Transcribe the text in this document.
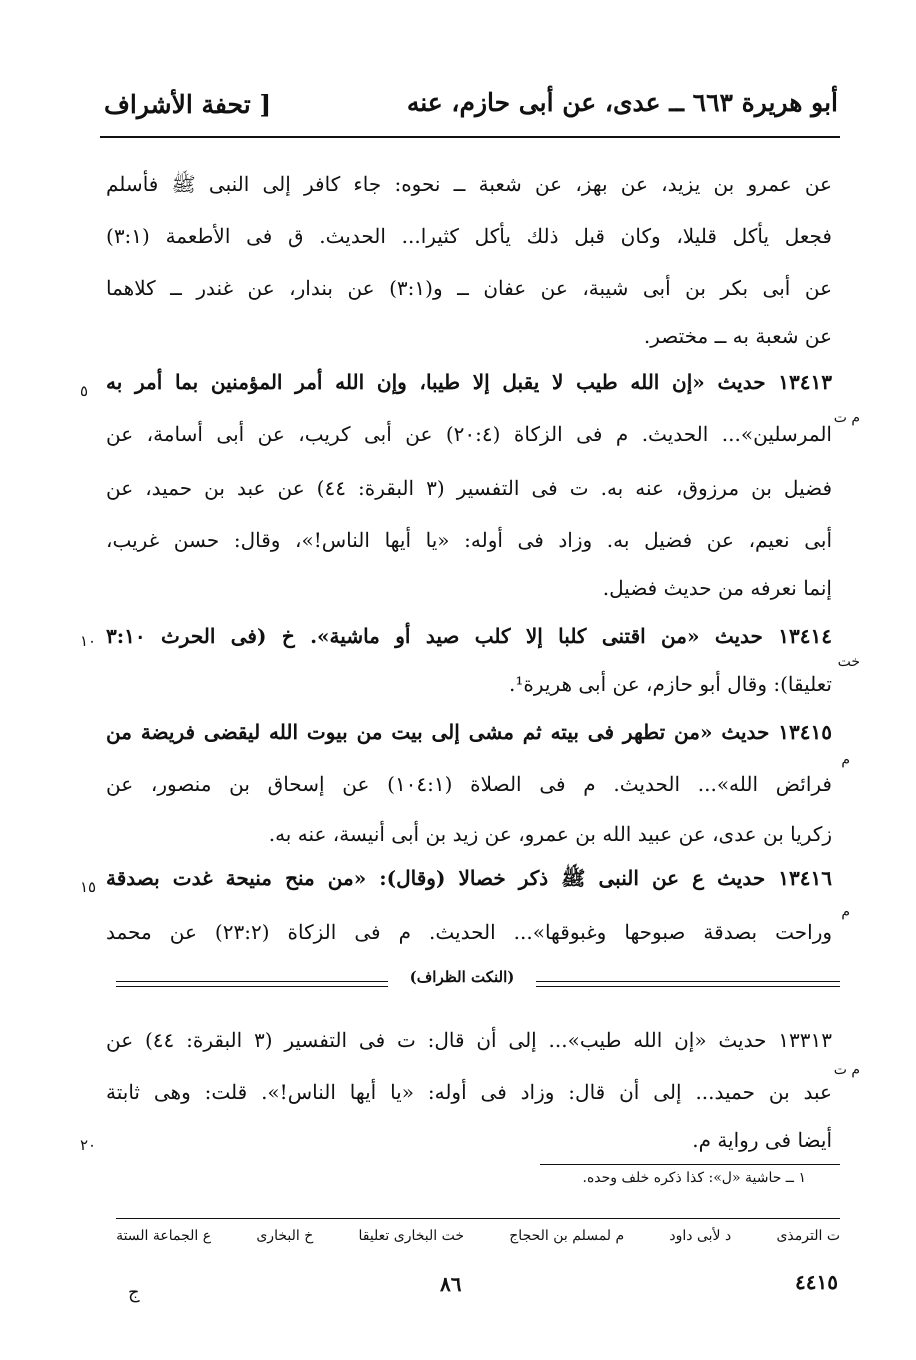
أبو هريرة ٦٦٣ ــ عدى، عن أبى حازم، عنه
[ تحفة الأشراف
عن عمرو بن يزيد، عن بهز، عن شعبة ــ نحوه: جاء كافر إلى النبى ﷺ فأسلم
فجعل يأكل قليلا، وكان قبل ذلك يأكل كثيرا... الحديث. ق فى الأطعمة (٣:١)
عن أبى بكر بن أبى شيبة، عن عفان ــ و(٣:١) عن بندار، عن غندر ــ كلاهما
عن شعبة به ــ مختصر.
١٣٤١٣ حديث «إن الله طيب لا يقبل إلا طيبا، وإن الله أمر المؤمنين بما أمر به
المرسلين»... الحديث. م فى الزكاة (٢٠:٤) عن أبى كريب، عن أبى أسامة، عن
فضيل بن مرزوق، عنه به. ت فى التفسير (٣ البقرة: ٤٤) عن عبد بن حميد، عن
أبى نعيم، عن فضيل به. وزاد فى أوله: «يا أيها الناس!»، وقال: حسن غريب،
إنما نعرفه من حديث فضيل.
١٣٤١٤ حديث «من اقتنى كلبا إلا كلب صيد أو ماشية». خ (فى الحرث ٣:١٠
تعليقا): وقال أبو حازم، عن أبى هريرة¹.
١٣٤١٥ حديث «من تطهر فى بيته ثم مشى إلى بيت من بيوت الله ليقضى فريضة من
فرائض الله»... الحديث. م فى الصلاة (١٠٤:١) عن إسحاق بن منصور، عن
زكريا بن عدى، عن عبيد الله بن عمرو، عن زيد بن أبى أنيسة، عنه به.
١٣٤١٦ حديث ع عن النبى ﷺ ذكر خصالا (وقال): «من منح منيحة غدت بصدقة
وراحت بصدقة صبوحها وغبوقها»... الحديث. م فى الزكاة (٢٣:٢) عن محمد
٥
١٠
١٥
٢٠
م ت
خت
م
م
م ت
(النكت الظراف)
١٣٣١٣ حديث «إن الله طيب»... إلى أن قال: ت فى التفسير (٣ البقرة: ٤٤) عن
عبد بن حميد... إلى أن قال: وزاد فى أوله: «يا أيها الناس!». قلت: وهى ثابتة
أيضا فى رواية م.
١ ــ حاشية «ل»: كذا ذكره خلف وحده.
ع الجماعة الستة	خ البخارى	خت البخارى تعليقا	م لمسلم بن الحجاج	د لأبى داود	ت الترمذى
٤٤١٥
٨٦
ج
